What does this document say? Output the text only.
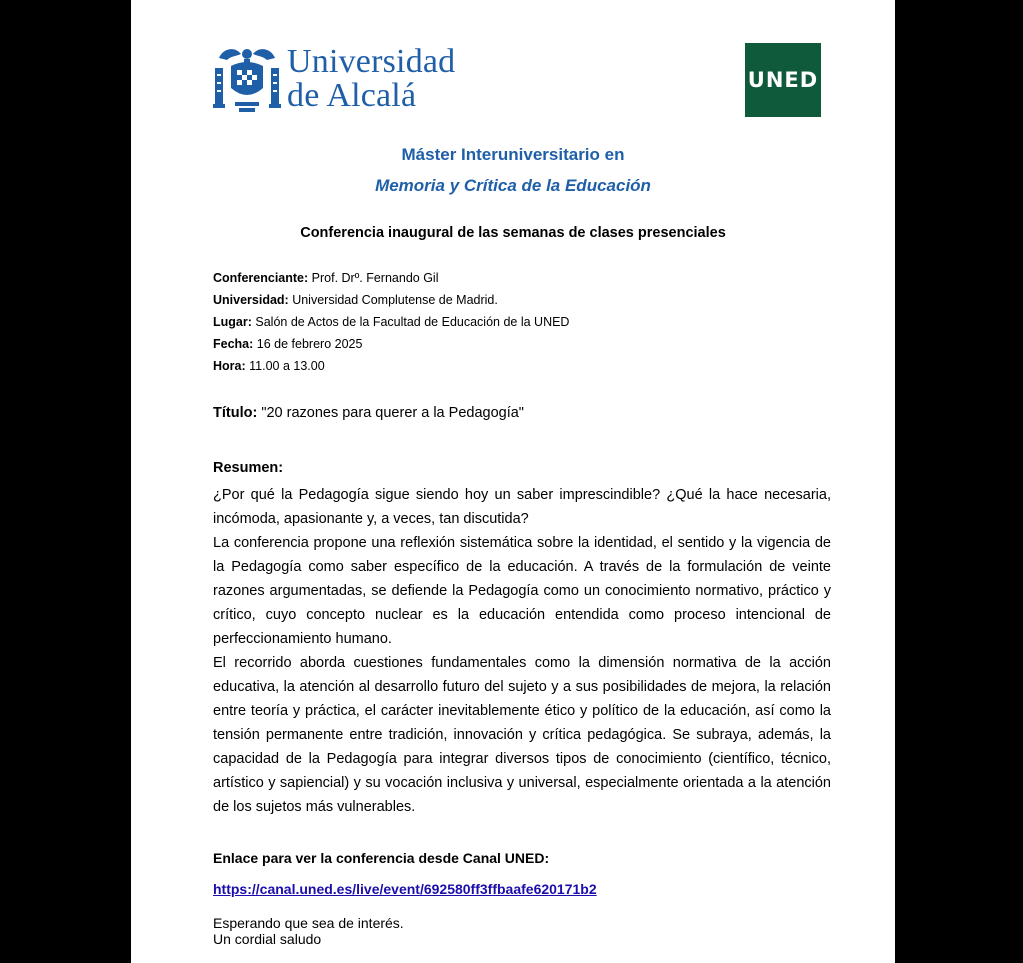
Universidad
de Alcalá	UNED
Máster Interuniversitario en
Memoria y Crítica de la Educación
Conferencia inaugural de las semanas de clases presenciales
Conferenciante: Prof. Drº. Fernando Gil
Universidad: Universidad Complutense de Madrid.
Lugar: Salón de Actos de la Facultad de Educación de la UNED
Fecha: 16 de febrero 2025
Hora: 11.00 a 13.00
Título: "20 razones para querer a la Pedagogía"
Resumen:

¿Por qué la Pedagogía sigue siendo hoy un saber imprescindible? ¿Qué la hace necesaria, incómoda, apasionante y, a veces, tan discutida?

La conferencia propone una reflexión sistemática sobre la identidad, el sentido y la vigencia de la Pedagogía como saber específico de la educación. A través de la formulación de veinte razones argumentadas, se defiende la Pedagogía como un conocimiento normativo, práctico y crítico, cuyo concepto nuclear es la educación entendida como proceso intencional de perfeccionamiento humano.

El recorrido aborda cuestiones fundamentales como la dimensión normativa de la acción educativa, la atención al desarrollo futuro del sujeto y a sus posibilidades de mejora, la relación entre teoría y práctica, el carácter inevitablemente ético y político de la educación, así como la tensión permanente entre tradición, innovación y crítica pedagógica. Se subraya, además, la capacidad de la Pedagogía para integrar diversos tipos de conocimiento (científico, técnico, artístico y sapiencial) y su vocación inclusiva y universal, especialmente orientada a la atención de los sujetos más vulnerables.

Enlace para ver la conferencia desde Canal UNED:
https://canal.uned.es/live/event/692580ff3ffbaafe620171b2
Esperando que sea de interés.
Un cordial saludo
